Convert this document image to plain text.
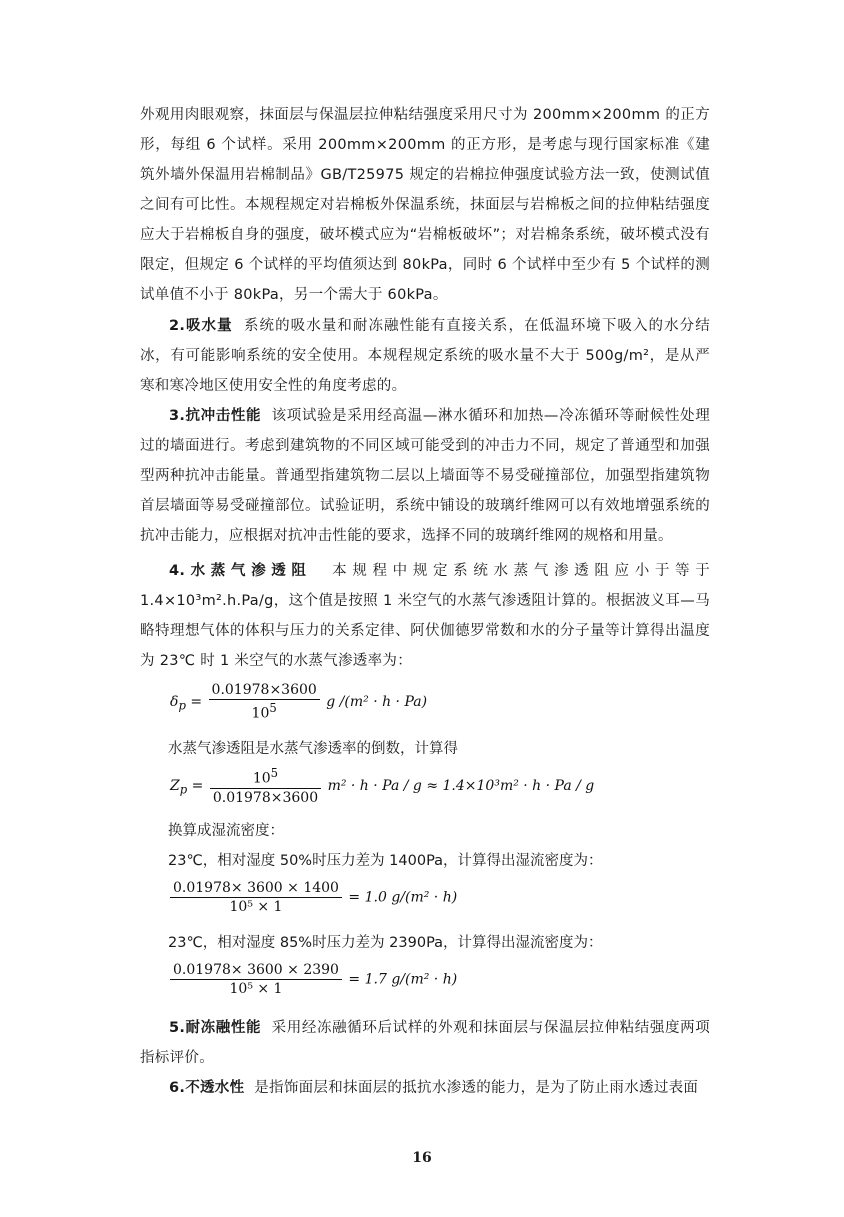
外观用肉眼观察，抹面层与保温层拉伸粘结强度采用尺寸为 200mm×200mm 的正方形，每组 6 个试样。采用 200mm×200mm 的正方形，是考虑与现行国家标准《建筑外墙外保温用岩棉制品》GB/T25975 规定的岩棉拉伸强度试验方法一致，使测试值之间有可比性。本规程规定对岩棉板外保温系统，抹面层与岩棉板之间的拉伸粘结强度应大于岩棉板自身的强度，破坏模式应为“岩棉板破坏”；对岩棉条系统，破坏模式没有限定，但规定 6 个试样的平均值须达到 80kPa，同时 6 个试样中至少有 5 个试样的测试单值不小于 80kPa，另一个需大于 60kPa。
2.吸水量 系统的吸水量和耐冻融性能有直接关系，在低温环境下吸入的水分结冰，有可能影响系统的安全使用。本规程规定系统的吸水量不大于 500g/m²，是从严寒和寒冷地区使用安全性的角度考虑的。
3.抗冲击性能 该项试验是采用经高温—淋水循环和加热—冷冻循环等耐候性处理过的墙面进行。考虑到建筑物的不同区域可能受到的冲击力不同，规定了普通型和加强型两种抗冲击能量。普通型指建筑物二层以上墙面等不易受碰撞部位，加强型指建筑物首层墙面等易受碰撞部位。试验证明，系统中铺设的玻璃纤维网可以有效地增强系统的抗冲击能力，应根据对抗冲击性能的要求，选择不同的玻璃纤维网的规格和用量。
4.水蒸气渗透阻 本规程中规定系统水蒸气渗透阻应小于等于 1.4×10³m².h.Pa/g，这个值是按照 1 米空气的水蒸气渗透阻计算的。根据波义耳—马略特理想气体的体积与压力的关系定律、阿伏伽德罗常数和水的分子量等计算得出温度为 23℃ 时 1 米空气的水蒸气渗透率为：
$\delta_p = \frac{0.01978\times 3600}{10^5}$ g /(m² · h · Pa)
水蒸气渗透阻是水蒸气渗透率的倒数，计算得
$Z_p = \frac{10^5}{0.01978\times 3600} m^2 \cdot h \cdot Pa / g \approx 1.4\times 10^3m^2 \cdot h \cdot Pa / g$
换算成湿流密度：
23℃，相对湿度 50%时压力差为 1400Pa，计算得出湿流密度为：
$\frac{0.01978\times 3600 \times 1400}{\text{10⁵ × 1}} = 1.0$ g/(m² · h)
23℃，相对湿度 85%时压力差为 2390Pa，计算得出湿流密度为：
$\frac{0.01978\times 3600 \times 2390}{\text{10⁵ × 1}} = 1.7$ g/(m² · h)
5.耐冻融性能 采用经冻融循环后试样的外观和抹面层与保温层拉伸粘结强度两项指标评价。
6.不透水性 是指饰面层和抹面层的抵抗水渗透的能力，是为了防止雨水透过表面
16
